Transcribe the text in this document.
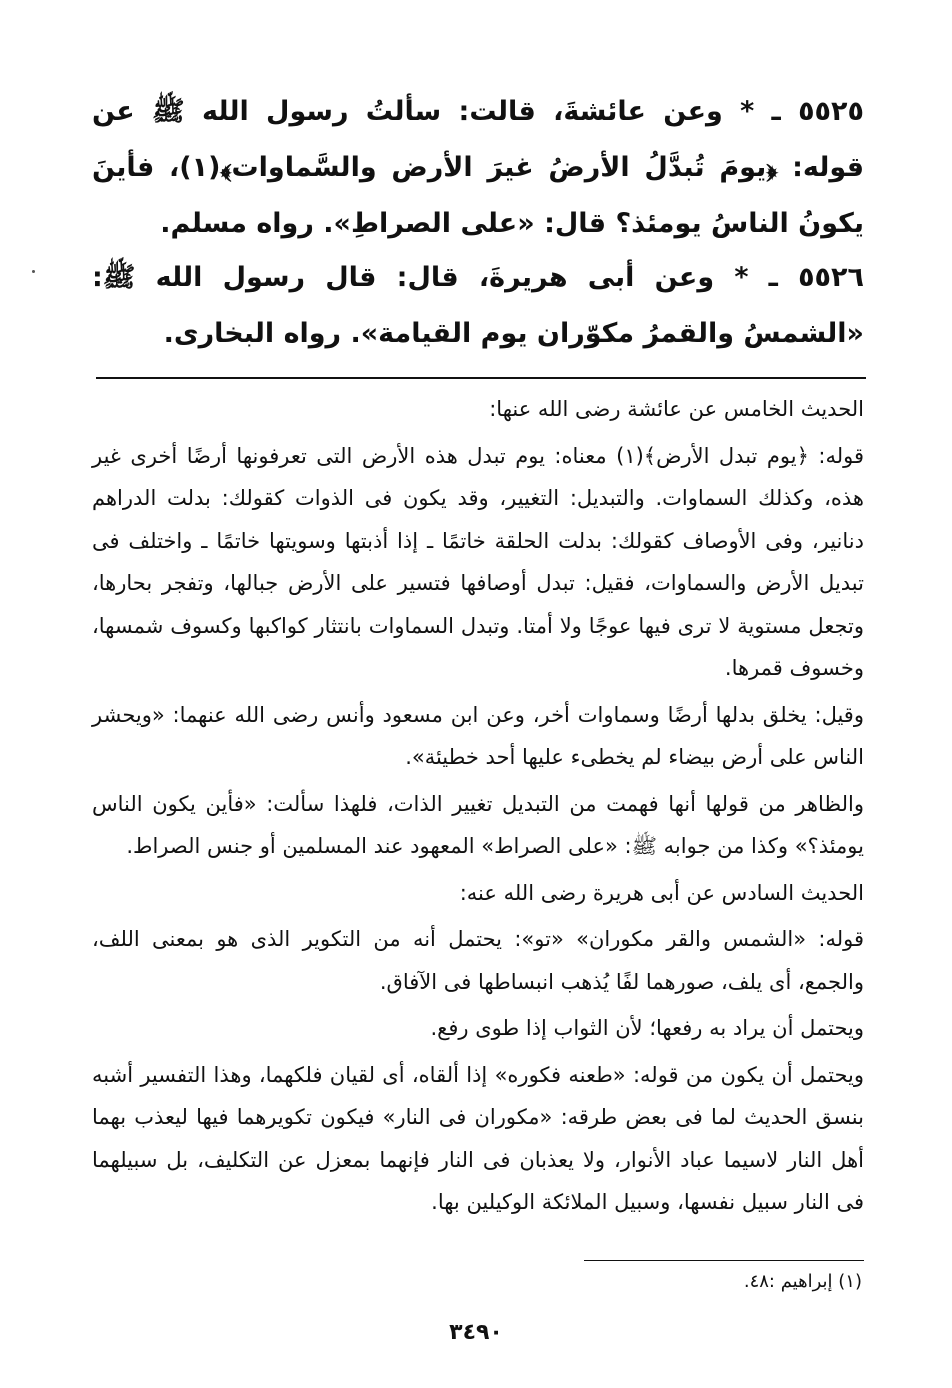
٥٥٢٥ ـ * وعن عائشةَ، قالت: سألتُ رسول الله ﷺ عن قوله: ﴿يومَ تُبدَّلُ الأرضُ غيرَ الأرض والسَّماوات﴾(١)، فأينَ يكونُ الناسُ يومئذ؟ قال: «على الصراطِ». رواه مسلم.
٥٥٢٦ ـ * وعن أبى هريرةَ، قال: قال رسول الله ﷺ: «الشمسُ والقمرُ مكوّران يوم القيامة». رواه البخارى.

الحديث الخامس عن عائشة رضى الله عنها:

قوله: ﴿يوم تبدل الأرض﴾(١) معناه: يوم تبدل هذه الأرض التى تعرفونها أرضًا أخرى غير هذه، وكذلك السماوات. والتبديل: التغيير، وقد يكون فى الذوات كقولك: بدلت الدراهم دنانير، وفى الأوصاف كقولك: بدلت الحلقة خاتمًا ـ إذا أذبتها وسويتها خاتمًا ـ واختلف فى تبديل الأرض والسماوات، فقيل: تبدل أوصافها فتسير على الأرض جبالها، وتفجر بحارها، وتجعل مستوية لا ترى فيها عوجًا ولا أمتا. وتبدل السماوات بانتثار كواكبها وكسوف شمسها، وخسوف قمرها.

وقيل: يخلق بدلها أرضًا وسماوات أخر، وعن ابن مسعود وأنس رضى الله عنهما: «ويحشر الناس على أرض بيضاء لم يخطىء عليها أحد خطيئة».

والظاهر من قولها أنها فهمت من التبديل تغيير الذات، فلهذا سألت: «فأين يكون الناس يومئذ؟» وكذا من جوابه ﷺ: «على الصراط» المعهود عند المسلمين أو جنس الصراط.

الحديث السادس عن أبى هريرة رضى الله عنه:

قوله: «الشمس والقر مكوران» «تو»: يحتمل أنه من التكوير الذى هو بمعنى اللف، والجمع، أى يلف، صورهما لفًا يُذهب انبساطها فى الآفاق.

ويحتمل أن يراد به رفعها؛ لأن الثواب إذا طوى رفع.

ويحتمل أن يكون من قوله: «طعنه فكوره» إذا ألقاه، أى لقيان فلكهما، وهذا التفسير أشبه بنسق الحديث لما فى بعض طرقه: «مكوران فى النار» فيكون تكويرهما فيها ليعذب بهما أهل النار لاسيما عباد الأنوار، ولا يعذبان فى النار فإنهما بمعزل عن التكليف، بل سبيلهما فى النار سبيل نفسها، وسبيل الملائكة الوكيلين بها.

(١) إبراهيم :٤٨.
٣٤٩٠
